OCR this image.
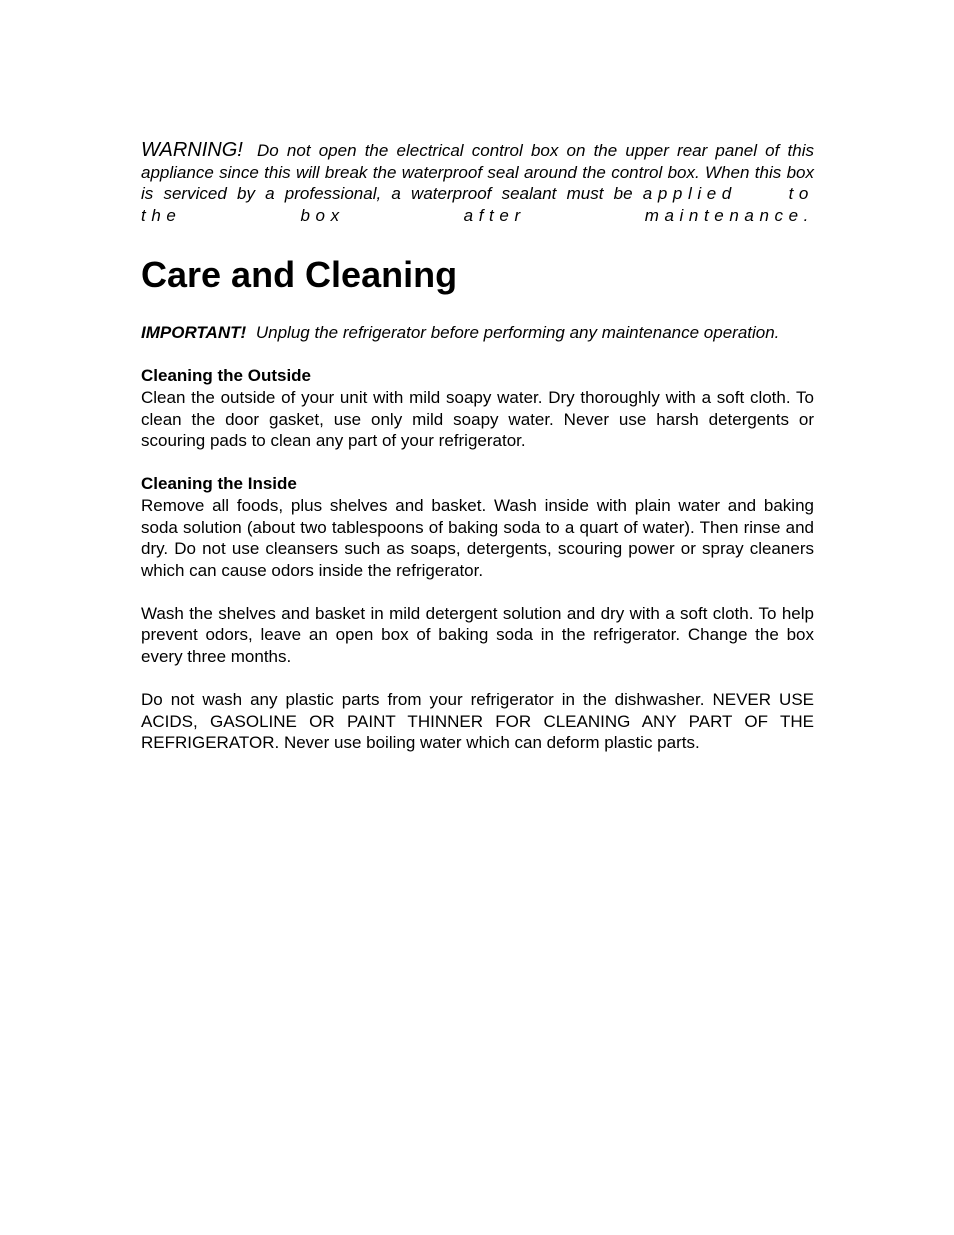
WARNING! Do not open the electrical control box on the upper rear panel of this appliance since this will break the waterproof seal around the control box. When this box is serviced by a professional, a waterproof sealant must be applied to the box after maintenance.

Care and Cleaning

IMPORTANT! Unplug the refrigerator before performing any maintenance operation.

Cleaning the Outside

Clean the outside of your unit with mild soapy water. Dry thoroughly with a soft cloth. To clean the door gasket, use only mild soapy water. Never use harsh detergents or scouring pads to clean any part of your refrigerator.

Cleaning the Inside

Remove all foods, plus shelves and basket. Wash inside with plain water and baking soda solution (about two tablespoons of baking soda to a quart of water). Then rinse and dry. Do not use cleansers such as soaps, detergents, scouring power or spray cleaners which can cause odors inside the refrigerator.

Wash the shelves and basket in mild detergent solution and dry with a soft cloth. To help prevent odors, leave an open box of baking soda in the refrigerator. Change the box every three months.

Do not wash any plastic parts from your refrigerator in the dishwasher. NEVER USE ACIDS, GASOLINE OR PAINT THINNER FOR CLEANING ANY PART OF THE REFRIGERATOR. Never use boiling water which can deform plastic parts.
